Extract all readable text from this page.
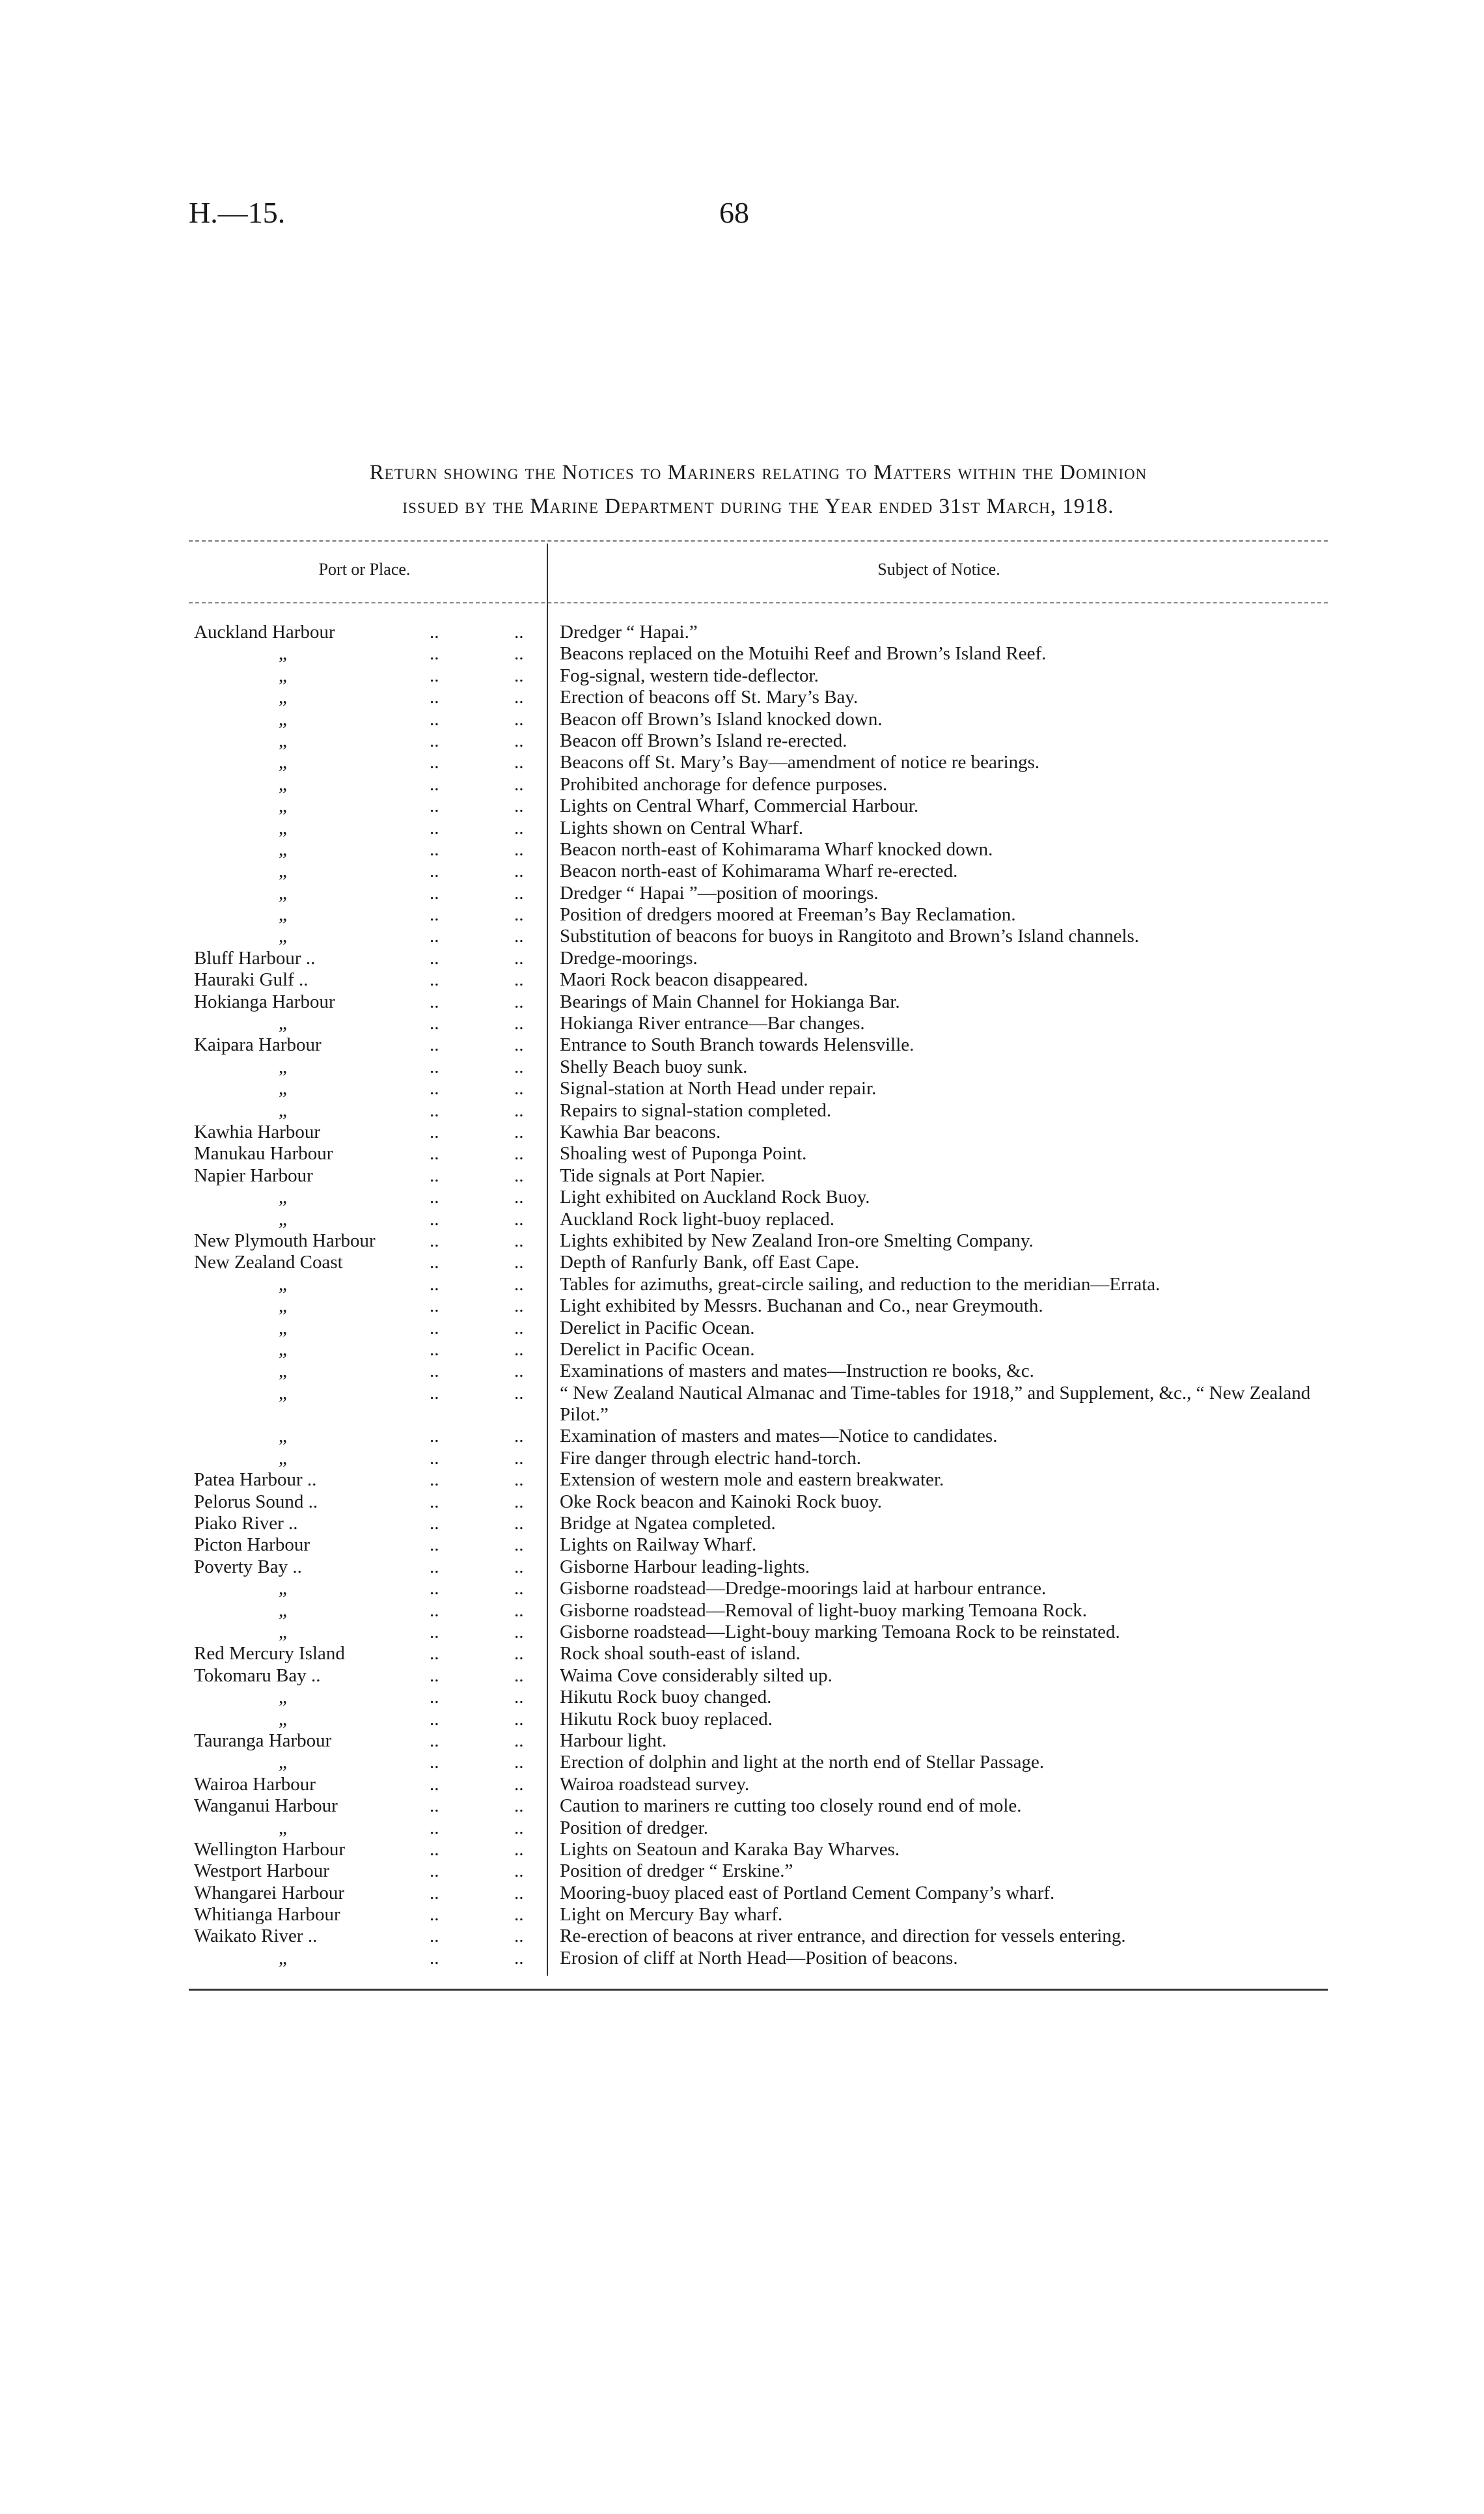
H.—15.	68
Return showing the Notices to Mariners relating to Matters within the Dominion
issued by the Marine Department during the Year ended 31st March, 1918.
Port or Place.	Subject of Notice.
Auckland Harbour	..	.. Dredger “ Hapai.”
„	..	.. Beacons replaced on the Motuihi Reef and Brown’s Island Reef.
„	..	.. Fog-signal, western tide-deflector.
„	..	.. Erection of beacons off St. Mary’s Bay.
„	..	.. Beacon off Brown’s Island knocked down.
„	..	.. Beacon off Brown’s Island re-erected.
„	..	.. Beacons off St. Mary’s Bay—amendment of notice re bearings.
„	..	.. Prohibited anchorage for defence purposes.
„	..	.. Lights on Central Wharf, Commercial Harbour.
„	..	.. Lights shown on Central Wharf.
„	..	.. Beacon north-east of Kohimarama Wharf knocked down.
„	..	.. Beacon north-east of Kohimarama Wharf re-erected.
„	..	.. Dredger “ Hapai ”—position of moorings.
„	..	.. Position of dredgers moored at Freeman’s Bay Reclamation.
„	..	.. Substitution of beacons for buoys in Rangitoto and Brown’s Island channels.
Bluff Harbour ..	..	.. Dredge-moorings.
Hauraki Gulf ..	..	.. Maori Rock beacon disappeared.
Hokianga Harbour	..	.. Bearings of Main Channel for Hokianga Bar.
„	..	.. Hokianga River entrance—Bar changes.
Kaipara Harbour	..	.. Entrance to South Branch towards Helensville.
„	..	.. Shelly Beach buoy sunk.
„	..	.. Signal-station at North Head under repair.
„	..	.. Repairs to signal-station completed.
Kawhia Harbour	..	.. Kawhia Bar beacons.
Manukau Harbour	..	.. Shoaling west of Puponga Point.
Napier Harbour	..	.. Tide signals at Port Napier.
„	..	.. Light exhibited on Auckland Rock Buoy.
„	..	.. Auckland Rock light-buoy replaced.
New Plymouth Harbour	..	.. Lights exhibited by New Zealand Iron-ore Smelting Company.
New Zealand Coast	..	.. Depth of Ranfurly Bank, off East Cape.
„	..	.. Tables for azimuths, great-circle sailing, and reduction to the meridian—Errata.
„	..	.. Light exhibited by Messrs. Buchanan and Co., near Greymouth.
„	..	.. Derelict in Pacific Ocean.
„	..	.. Derelict in Pacific Ocean.
„	..	.. Examinations of masters and mates—Instruction re books, &c.
„	..	.. “ New Zealand Nautical Almanac and Time-tables for 1918,” and Supplement, &c., “ New Zealand Pilot.”
„	..	.. Examination of masters and mates—Notice to candidates.
„	..	.. Fire danger through electric hand-torch.
Patea Harbour ..	..	.. Extension of western mole and eastern breakwater.
Pelorus Sound ..	..	.. Oke Rock beacon and Kainoki Rock buoy.
Piako River ..	..	.. Bridge at Ngatea completed.
Picton Harbour	..	.. Lights on Railway Wharf.
Poverty Bay ..	..	.. Gisborne Harbour leading-lights.
„	..	.. Gisborne roadstead—Dredge-moorings laid at harbour entrance.
„	..	.. Gisborne roadstead—Removal of light-buoy marking Temoana Rock.
„	..	.. Gisborne roadstead—Light-bouy marking Temoana Rock to be reinstated.
Red Mercury Island	..	.. Rock shoal south-east of island.
Tokomaru Bay ..	..	.. Waima Cove considerably silted up.
„	..	.. Hikutu Rock buoy changed.
„	..	.. Hikutu Rock buoy replaced.
Tauranga Harbour	..	.. Harbour light.
„	..	.. Erection of dolphin and light at the north end of Stellar Passage.
Wairoa Harbour	..	.. Wairoa roadstead survey.
Wanganui Harbour	..	.. Caution to mariners re cutting too closely round end of mole.
„	..	.. Position of dredger.
Wellington Harbour	..	.. Lights on Seatoun and Karaka Bay Wharves.
Westport Harbour	..	.. Position of dredger “ Erskine.”
Whangarei Harbour	..	.. Mooring-buoy placed east of Portland Cement Company’s wharf.
Whitianga Harbour	..	.. Light on Mercury Bay wharf.
Waikato River ..	..	.. Re-erection of beacons at river entrance, and direction for vessels entering.
„	..	.. Erosion of cliff at North Head—Position of beacons.
